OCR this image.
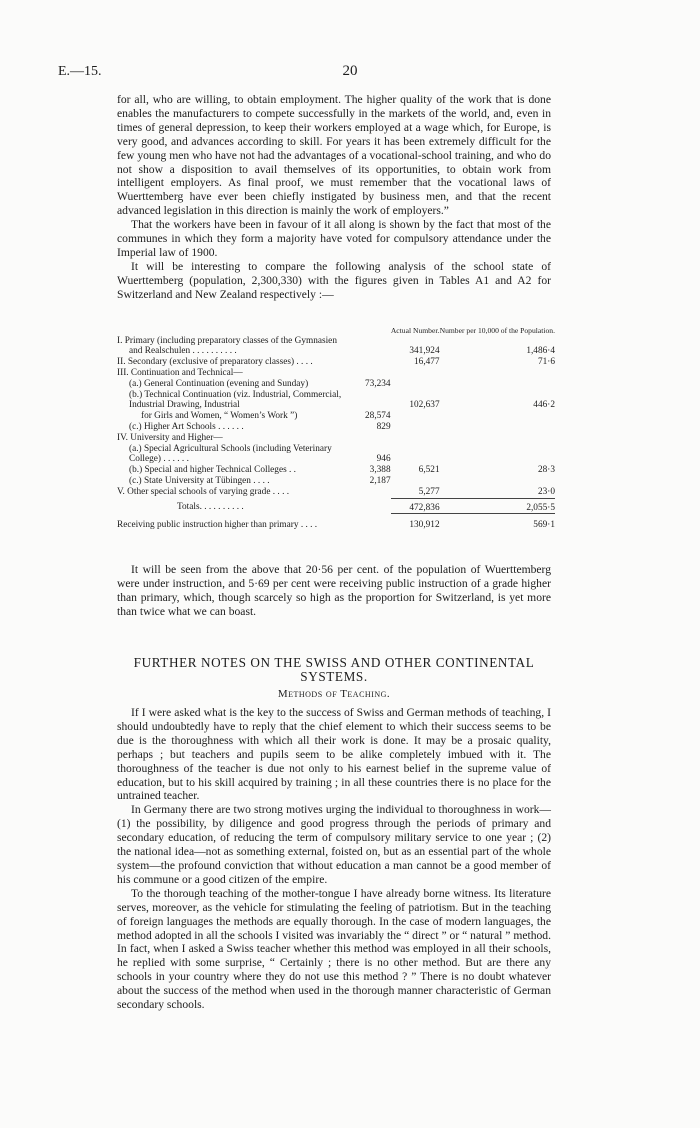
E.—15.	20

for all, who are willing, to obtain employment. The higher quality of the work that is done enables the manufacturers to compete successfully in the markets of the world, and, even in times of general depression, to keep their workers employed at a wage which, for Europe, is very good, and advances according to skill. For years it has been extremely difficult for the few young men who have not had the advantages of a vocational-school training, and who do not show a disposition to avail themselves of its opportunities, to obtain work from intelligent employers. As final proof, we must remember that the vocational laws of Wuerttemberg have ever been chiefly instigated by business men, and that the recent advanced legislation in this direction is mainly the work of employers.”

That the workers have been in favour of it all along is shown by the fact that most of the communes in which they form a majority have voted for compulsory attendance under the Imperial law of 1900.

It will be interesting to compare the following analysis of the school state of Wuerttemberg (population, 2,300,330) with the figures given in Tables A1 and A2 for Switzerland and New Zealand respectively :—

		Actual Number.	Number per 10,000 of the Population.
I. Primary (including preparatory classes of the Gymnasien			
and Realschulen . . . . . . . . . .		341,924	1,486·4
II. Secondary (exclusive of preparatory classes) . . . .		16,477	71·6
III. Continuation and Technical—			
(a.) General Continuation (evening and Sunday)	73,234		
(b.) Technical Continuation (viz. Industrial, Commercial, Industrial Drawing, Industrial		102,637	446·2
for Girls and Women, “ Women’s Work ”)	28,574		
(c.) Higher Art Schools . . . . . .	829		
IV. University and Higher—			
(a.) Special Agricultural Schools (including Veterinary College) . . . . . .	946		
(b.) Special and higher Technical Colleges . .	3,388	6,521	28·3
(c.) State University at Tübingen . . . .	2,187		
V. Other special schools of varying grade . . . .		5,277	23·0
Totals. . . . . . . . . .		472,836	2,055·5
Receiving public instruction higher than primary . . . .		130,912	569·1

It will be seen from the above that 20·56 per cent. of the population of Wuerttemberg were under instruction, and 5·69 per cent were receiving public instruction of a grade higher than primary, which, though scarcely so high as the proportion for Switzerland, is yet more than twice what we can boast.

FURTHER NOTES ON THE SWISS AND OTHER CONTINENTAL SYSTEMS.
Methods of Teaching.

If I were asked what is the key to the success of Swiss and German methods of teaching, I should undoubtedly have to reply that the chief element to which their success seems to be due is the thoroughness with which all their work is done. It may be a prosaic quality, perhaps ; but teachers and pupils seem to be alike completely imbued with it. The thoroughness of the teacher is due not only to his earnest belief in the supreme value of education, but to his skill acquired by training ; in all these countries there is no place for the untrained teacher.

In Germany there are two strong motives urging the individual to thoroughness in work—(1) the possibility, by diligence and good progress through the periods of primary and secondary education, of reducing the term of compulsory military service to one year ; (2) the national idea—not as something external, foisted on, but as an essential part of the whole system—the profound conviction that without education a man cannot be a good member of his commune or a good citizen of the empire.

To the thorough teaching of the mother-tongue I have already borne witness. Its literature serves, moreover, as the vehicle for stimulating the feeling of patriotism. But in the teaching of foreign languages the methods are equally thorough. In the case of modern languages, the method adopted in all the schools I visited was invariably the “ direct ” or “ natural ” method. In fact, when I asked a Swiss teacher whether this method was employed in all their schools, he replied with some surprise, “ Certainly ; there is no other method. But are there any schools in your country where they do not use this method ? ” There is no doubt whatever about the success of the method when used in the thorough manner characteristic of German secondary schools.
